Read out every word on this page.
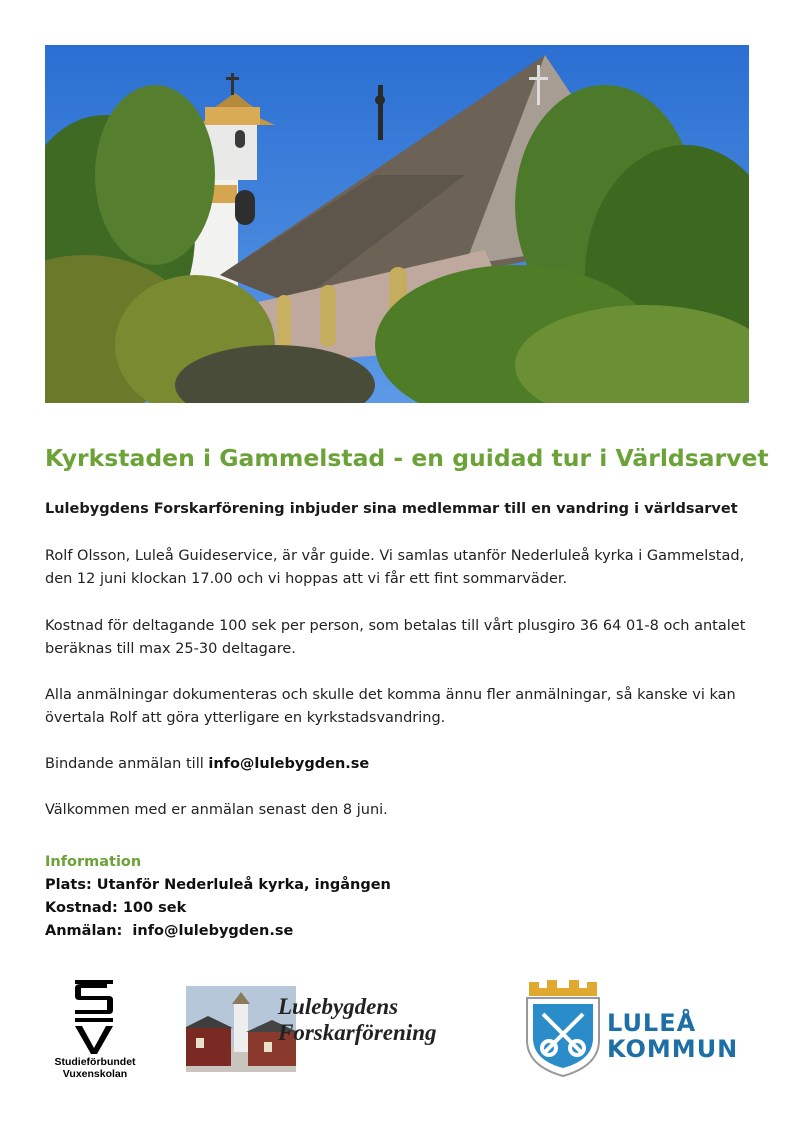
Kyrkstaden i Gammelstad - en guidad tur i Världsarvet

Lulebygdens Forskarförening inbjuder sina medlemmar till en vandring i världsarvet

Rolf Olsson, Luleå Guideservice, är vår guide. Vi samlas utanför Nederluleå kyrka i Gammelstad, den 12 juni klockan 17.00 och vi hoppas att vi får ett fint sommarväder.

Kostnad för deltagande 100 sek per person, som betalas till vårt plusgiro 36 64 01-8 och antalet beräknas till max 25-30 deltagare.

Alla anmälningar dokumenteras och skulle det komma ännu fler anmälningar, så kanske vi kan övertala Rolf att göra ytterligare en kyrkstadsvandring.

Bindande anmälan till info@lulebygden.se

Välkommen med er anmälan senast den 8 juni.

Information

Plats: Utanför Nederluleå kyrka, ingången

Kostnad: 100 sek

Anmälan:  info@lulebygden.se

Studieförbundet
Vuxenskolan
Lulebygdens
Forskarförening	LULEÅ
KOMMUN
